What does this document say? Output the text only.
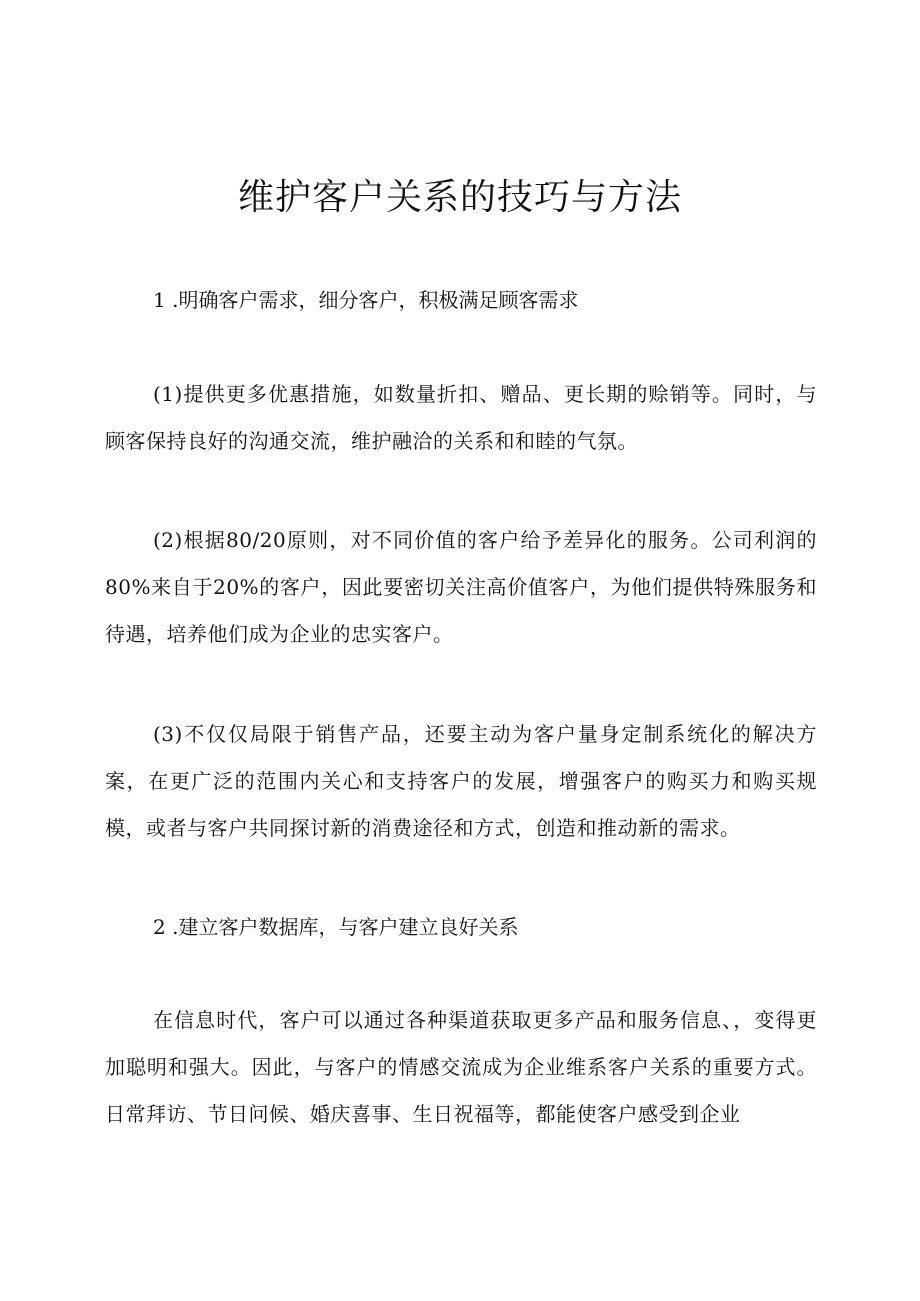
维护客户关系的技巧与方法

1 .明确客户需求，细分客户，积极满足顾客需求

(1)提供更多优惠措施，如数量折扣、赠品、更长期的赊销等。同时，与顾客保持良好的沟通交流，维护融洽的关系和和睦的气氛。

(2)根据80/20原则，对不同价值的客户给予差异化的服务。公司利润的80%来自于20%的客户，因此要密切关注高价值客户，为他们提供特殊服务和待遇，培养他们成为企业的忠实客户。

(3)不仅仅局限于销售产品，还要主动为客户量身定制系统化的解决方案，在更广泛的范围内关心和支持客户的发展，增强客户的购买力和购买规模，或者与客户共同探讨新的消费途径和方式，创造和推动新的需求。

2 .建立客户数据库，与客户建立良好关系

在信息时代，客户可以通过各种渠道获取更多产品和服务信息、，变得更加聪明和强大。因此，与客户的情感交流成为企业维系客户关系的重要方式。日常拜访、节日问候、婚庆喜事、生日祝福等，都能使客户感受到企业
